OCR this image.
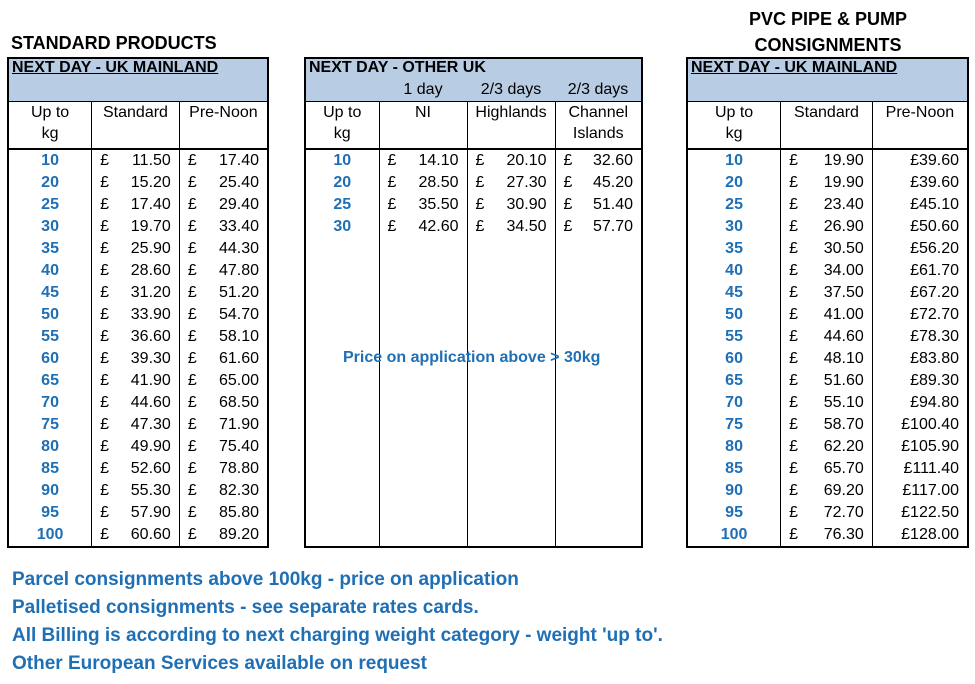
STANDARD PRODUCTS
PVC PIPE & PUMP
CONSIGNMENTS
NEXT DAY - UK MAINLAND		
Up to
kg	Standard	Pre-Noon
10	£ 11.50	£ 17.40

20	£ 15.20	£ 25.40

25	£ 17.40	£ 29.40

30	£ 19.70	£ 33.40

35	£ 25.90	£ 44.30

40	£ 28.60	£ 47.80

45	£ 31.20	£ 51.20

50	£ 33.90	£ 54.70

55	£ 36.60	£ 58.10

60	£ 39.30	£ 61.60

65	£ 41.90	£ 65.00

70	£ 44.60	£ 68.50

75	£ 47.30	£ 71.90

80	£ 49.90	£ 75.40

85	£ 52.60	£ 78.80

90	£ 55.30	£ 82.30

95	£ 57.90	£ 85.80

100	£ 60.60	£ 89.20
NEXT DAY - OTHER UK			
	1 day	2/3 days	2/3 days
Up to
kg	NI	Highlands	Channel
Islands
10	£ 14.10	£ 20.10	£ 32.60

20	£ 28.50	£ 27.30	£ 45.20

25	£ 35.50	£ 30.90	£ 51.40

30	£ 42.60	£ 34.50	£ 57.70

Price on application above > 30kg
NEXT DAY - UK MAINLAND		
Up to
kg	Standard	Pre-Noon
10	£ 19.90	£39.60
20	£ 19.90	£39.60
25	£ 23.40	£45.10
30	£ 26.90	£50.60
35	£ 30.50	£56.20
40	£ 34.00	£61.70
45	£ 37.50	£67.20
50	£ 41.00	£72.70
55	£ 44.60	£78.30
60	£ 48.10	£83.80
65	£ 51.60	£89.30
70	£ 55.10	£94.80
75	£ 58.70	£100.40
80	£ 62.20	£105.90
85	£ 65.70	£111.40
90	£ 69.20	£117.00
95	£ 72.70	£122.50
100	£ 76.30	£128.00
Parcel consignments above 100kg - price on application
Palletised consignments - see separate rates cards.
All Billing is according to next charging weight category - weight 'up to'.
Other European Services available on request
